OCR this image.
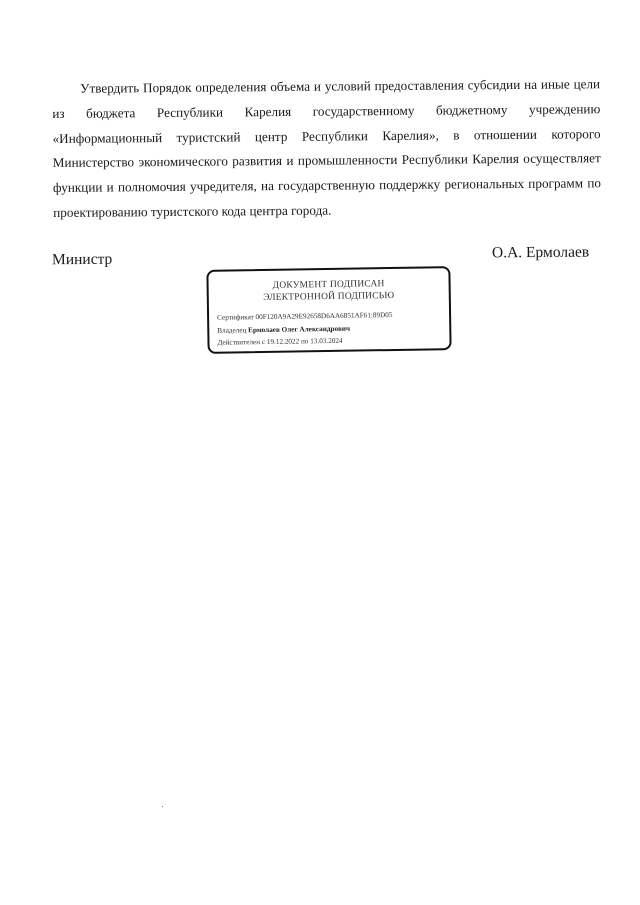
Утвердить Порядок определения объема и условий предоставления субсидии на иные цели из бюджета Республики Карелия государственному бюджетному учреждению «Информационный туристский центр Республики Карелия», в отношении которого Министерство экономического развития и промышленности Республики Карелия осуществляет функции и полномочия учредителя, на государственную поддержку региональных программ по проектированию туристского кода центра города.

Министр	О.А. Ермолаев
ДОКУМЕНТ ПОДПИСАН
ЭЛЕКТРОННОЙ ПОДПИСЬЮ
Сертификат 00F120A9A29E92658D6AA6851AF61:89D05
Владелец Ермолаев Олег Александрович
Действителен с 19.12.2022 по 13.03.2024
